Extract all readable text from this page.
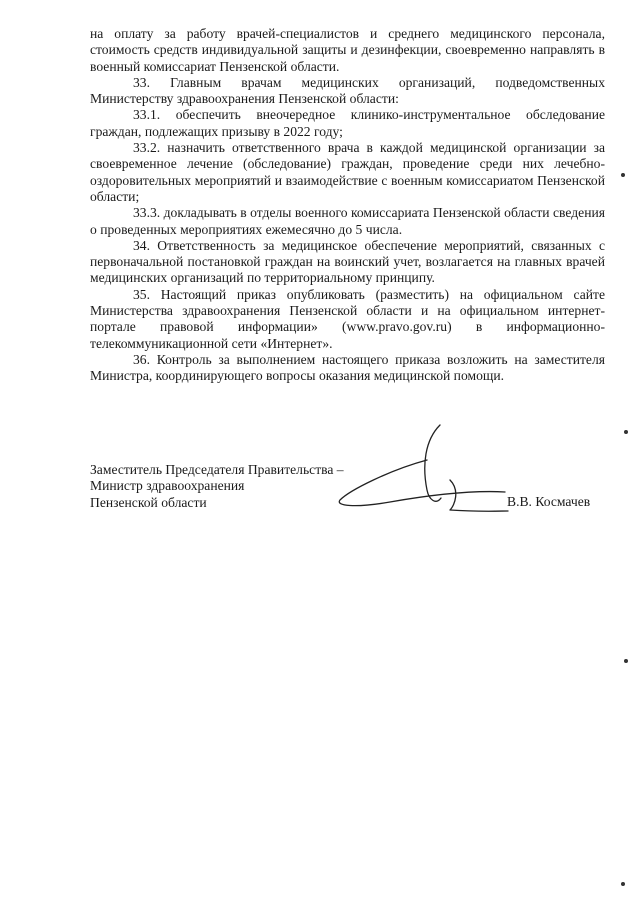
на оплату за работу врачей-специалистов и среднего медицинского персонала, стоимость средств индивидуальной защиты и дезинфекции, своевременно направлять в военный комиссариат Пензенской области.

33. Главным врачам медицинских организаций, подведомственных Министерству здравоохранения Пензенской области:

33.1. обеспечить внеочередное клинико-инструментальное обследование граждан, подлежащих призыву в 2022 году;

33.2. назначить ответственного врача в каждой медицинской организации за своевременное лечение (обследование) граждан, проведение среди них лечебно-оздоровительных мероприятий и взаимодействие с военным комиссариатом Пензенской области;

33.3. докладывать в отделы военного комиссариата Пензенской области сведения о проведенных мероприятиях ежемесячно до 5 числа.

34. Ответственность за медицинское обеспечение мероприятий, связанных с первоначальной постановкой граждан на воинский учет, возлагается на главных врачей медицинских организаций по территориальному принципу.

35. Настоящий приказ опубликовать (разместить) на официальном сайте Министерства здравоохранения Пензенской области и на официальном интернет-портале правовой информации» (www.pravo.gov.ru) в информационно-телекоммуникационной сети «Интернет».

36. Контроль за выполнением настоящего приказа возложить на заместителя Министра, координирующего вопросы оказания медицинской помощи.

Заместитель Председателя Правительства –
Министр здравоохранения
Пензенской области	В.В. Космачев
